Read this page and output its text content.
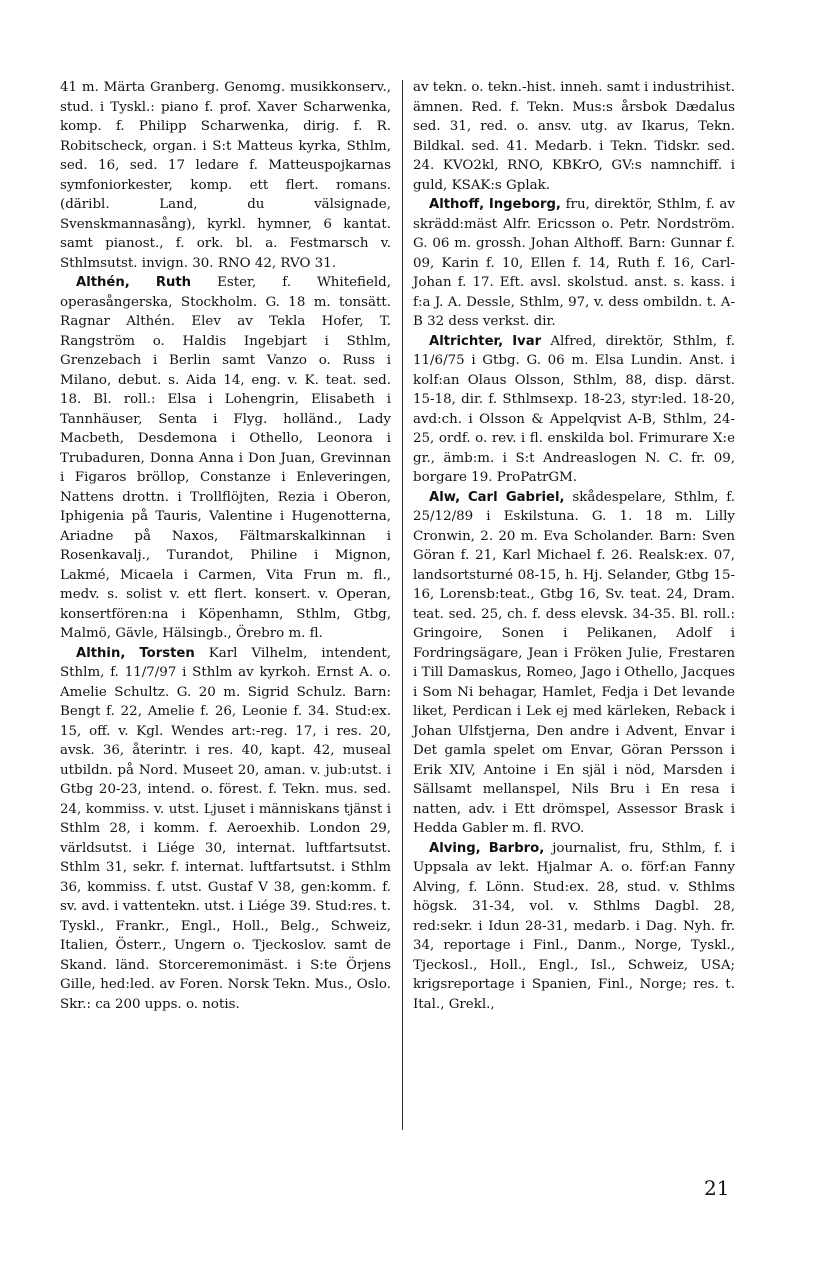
41 m. Märta Granberg. Genomg. musikkonserv., stud. i Tyskl.: piano f. prof. Xaver Scharwenka, komp. f. Philipp Scharwenka, dirig. f. R. Robitscheck, organ. i S:t Matteus kyrka, Sthlm, sed. 16, sed. 17 ledare f. Matteuspojkarnas symfoniorkester, komp. ett flert. romans. (däribl. Land, du välsignade, Svenskmannasång), kyrkl. hymner, 6 kantat. samt pianost., f. ork. bl. a. Festmarsch v. Sthlmsutst. invign. 30. RNO 42, RVO 31.

Althén, Ruth Ester, f. Whitefield, operasångerska, Stockholm. G. 18 m. tonsätt. Ragnar Althén. Elev av Tekla Hofer, T. Rangström o. Haldis Ingebjart i Sthlm, Grenzebach i Berlin samt Vanzo o. Russ i Milano, debut. s. Aida 14, eng. v. K. teat. sed. 18. Bl. roll.: Elsa i Lohengrin, Elisabeth i Tannhäuser, Senta i Flyg. holländ., Lady Macbeth, Desdemona i Othello, Leonora i Trubaduren, Donna Anna i Don Juan, Grevinnan i Figaros bröllop, Constanze i Enleveringen, Nattens drottn. i Trollflöjten, Rezia i Oberon, Iphigenia på Tauris, Valentine i Hugenotterna, Ariadne på Naxos, Fältmarskalkinnan i Rosenkavalj., Turandot, Philine i Mignon, Lakmé, Micaela i Carmen, Vita Frun m. fl., medv. s. solist v. ett flert. konsert. v. Operan, konsertfören:na i Köpenhamn, Sthlm, Gtbg, Malmö, Gävle, Hälsingb., Örebro m. fl.

Althin, Torsten Karl Vilhelm, intendent, Sthlm, f. 11/7/97 i Sthlm av kyrkoh. Ernst A. o. Amelie Schultz. G. 20 m. Sigrid Schulz. Barn: Bengt f. 22, Amelie f. 26, Leonie f. 34. Stud:ex. 15, off. v. Kgl. Wendes art:-reg. 17, i res. 20, avsk. 36, återintr. i res. 40, kapt. 42, museal utbildn. på Nord. Museet 20, aman. v. jub:utst. i Gtbg 20-23, intend. o. förest. f. Tekn. mus. sed. 24, kommiss. v. utst. Ljuset i människans tjänst i Sthlm 28, i komm. f. Aeroexhib. London 29, världsutst. i Liége 30, internat. luftfartsutst. Sthlm 31, sekr. f. internat. luftfartsutst. i Sthlm 36, kommiss. f. utst. Gustaf V 38, gen:komm. f. sv. avd. i vattentekn. utst. i Liége 39. Stud:res. t. Tyskl., Frankr., Engl., Holl., Belg., Schweiz, Italien, Österr., Ungern o. Tjeckoslov. samt de Skand. länd. Storceremonimäst. i S:te Örjens Gille, hed:led. av Foren. Norsk Tekn. Mus., Oslo. Skr.: ca 200 upps. o. notis.

av tekn. o. tekn.-hist. inneh. samt i industrihist. ämnen. Red. f. Tekn. Mus:s årsbok Dædalus sed. 31, red. o. ansv. utg. av Ikarus, Tekn. Bildkal. sed. 41. Medarb. i Tekn. Tidskr. sed. 24. KVO2kl, RNO, KBKrO, GV:s namnchiff. i guld, KSAK:s Gplak.

Althoff, Ingeborg, fru, direktör, Sthlm, f. av skrädd:mäst Alfr. Ericsson o. Petr. Nordström. G. 06 m. grossh. Johan Althoff. Barn: Gunnar f. 09, Karin f. 10, Ellen f. 14, Ruth f. 16, Carl-Johan f. 17. Eft. avsl. skolstud. anst. s. kass. i f:a J. A. Dessle, Sthlm, 97, v. dess ombildn. t. A-B 32 dess verkst. dir.

Altrichter, Ivar Alfred, direktör, Sthlm, f. 11/6/75 i Gtbg. G. 06 m. Elsa Lundin. Anst. i kolf:an Olaus Olsson, Sthlm, 88, disp. därst. 15-18, dir. f. Sthlmsexp. 18-23, styr:led. 18-20, avd:ch. i Olsson & Appelqvist A-B, Sthlm, 24-25, ordf. o. rev. i fl. enskilda bol. Frimurare X:e gr., ämb:m. i S:t Andreaslogen N. C. fr. 09, borgare 19. ProPatrGM.

Alw, Carl Gabriel, skådespelare, Sthlm, f. 25/12/89 i Eskilstuna. G. 1. 18 m. Lilly Cronwin, 2. 20 m. Eva Scholander. Barn: Sven Göran f. 21, Karl Michael f. 26. Realsk:ex. 07, landsortsturné 08-15, h. Hj. Selander, Gtbg 15-16, Lorensb:teat., Gtbg 16, Sv. teat. 24, Dram. teat. sed. 25, ch. f. dess elevsk. 34-35. Bl. roll.: Gringoire, Sonen i Pelikanen, Adolf i Fordringsägare, Jean i Fröken Julie, Frestaren i Till Damaskus, Romeo, Jago i Othello, Jacques i Som Ni behagar, Hamlet, Fedja i Det levande liket, Perdican i Lek ej med kärleken, Reback i Johan Ulfstjerna, Den andre i Advent, Envar i Det gamla spelet om Envar, Göran Persson i Erik XIV, Antoine i En själ i nöd, Marsden i Sällsamt mellanspel, Nils Bru i En resa i natten, adv. i Ett drömspel, Assessor Brask i Hedda Gabler m. fl. RVO.

Alving, Barbro, journalist, fru, Sthlm, f. i Uppsala av lekt. Hjalmar A. o. förf:an Fanny Alving, f. Lönn. Stud:ex. 28, stud. v. Sthlms högsk. 31-34, vol. v. Sthlms Dagbl. 28, red:sekr. i Idun 28-31, medarb. i Dag. Nyh. fr. 34, reportage i Finl., Danm., Norge, Tyskl., Tjeckosl., Holl., Engl., Isl., Schweiz, USA; krigsreportage i Spanien, Finl., Norge; res. t. Ital., Grekl.,

21
